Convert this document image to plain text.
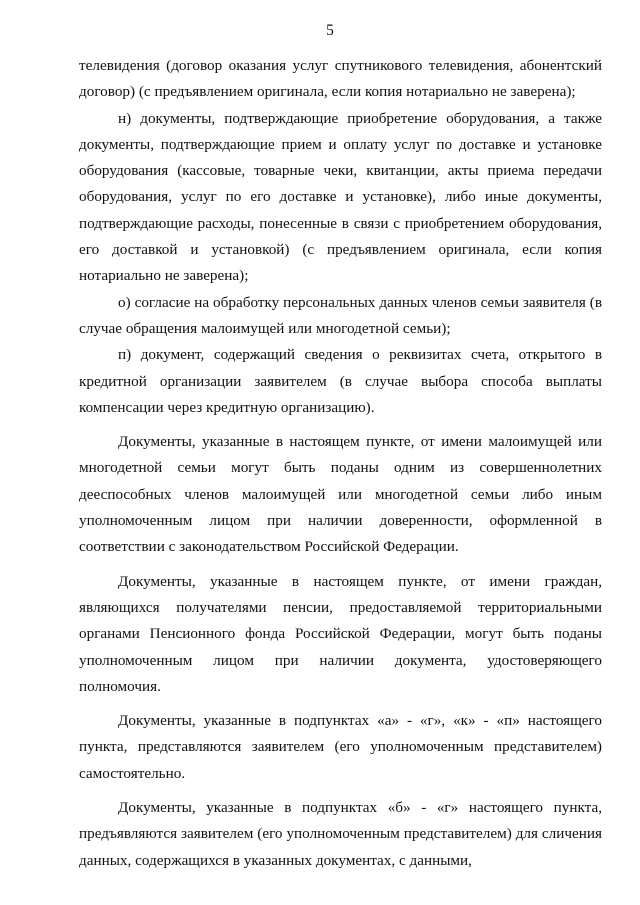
5

телевидения (договор оказания услуг спутникового телевидения, абонентский договор) (с предъявлением оригинала, если копия нотариально не заверена);

н) документы, подтверждающие приобретение оборудования, а также документы, подтверждающие прием и оплату услуг по доставке и установке оборудования (кассовые, товарные чеки, квитанции, акты приема передачи оборудования, услуг по его доставке и установке), либо иные документы, подтверждающие расходы, понесенные в связи с приобретением оборудования, его доставкой и установкой) (с предъявлением оригинала, если копия нотариально не заверена);

о) согласие на обработку персональных данных членов семьи заявителя (в случае обращения малоимущей или многодетной семьи);

п) документ, содержащий сведения о реквизитах счета, открытого в кредитной организации заявителем (в случае выбора способа выплаты компенсации через кредитную организацию).

Документы, указанные в настоящем пункте, от имени малоимущей или многодетной семьи могут быть поданы одним из совершеннолетних дееспособных членов малоимущей или многодетной семьи либо иным уполномоченным лицом при наличии доверенности, оформленной в соответствии с законодательством Российской Федерации.

Документы, указанные в настоящем пункте, от имени граждан, являющихся получателями пенсии, предоставляемой территориальными органами Пенсионного фонда Российской Федерации, могут быть поданы уполномоченным лицом при наличии документа, удостоверяющего полномочия.

Документы, указанные в подпунктах «а» - «г», «к» - «п» настоящего пункта, представляются заявителем (его уполномоченным представителем) самостоятельно.

Документы, указанные в подпунктах «б» - «г» настоящего пункта, предъявляются заявителем (его уполномоченным представителем) для сличения данных, содержащихся в указанных документах, с данными,
